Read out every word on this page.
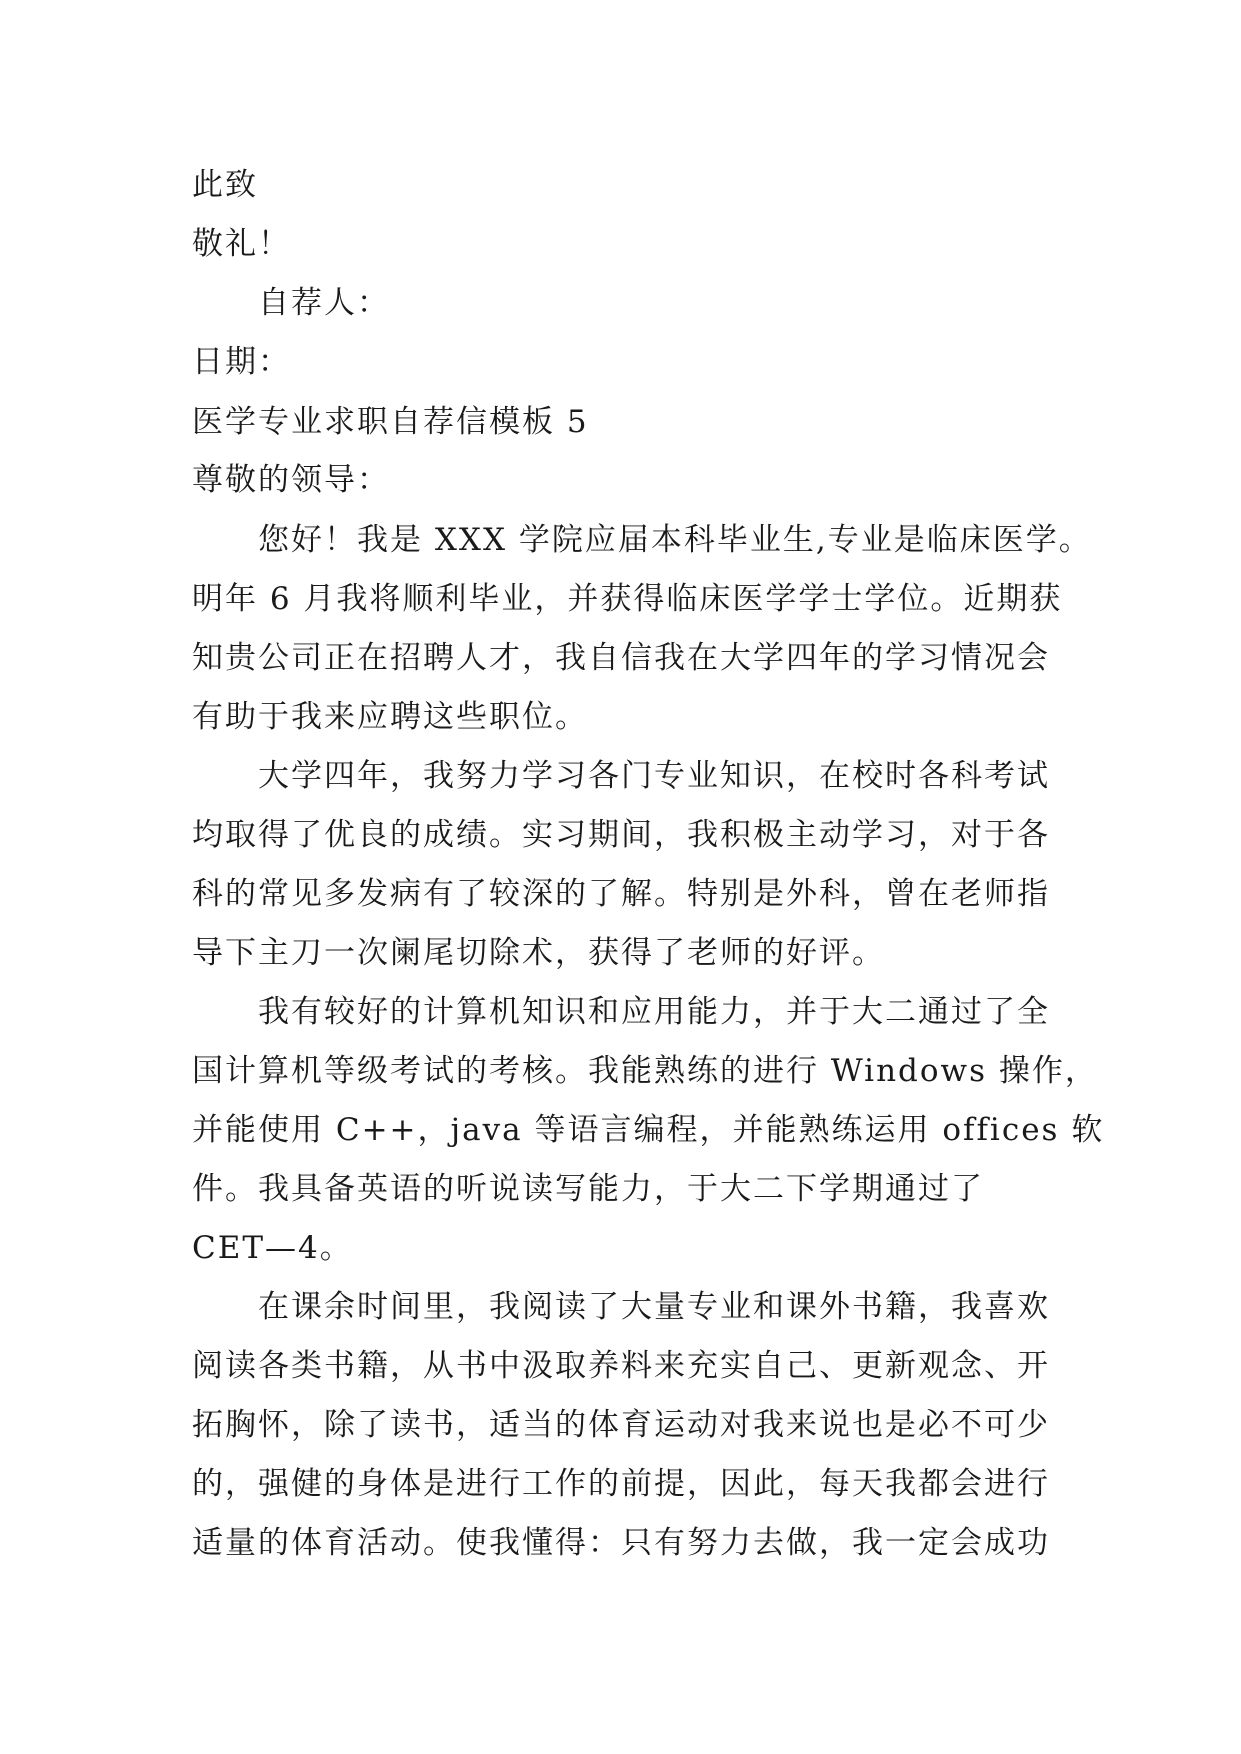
此致

敬礼！

自荐人：

日期：

医学专业求职自荐信模板 5

尊敬的领导：

您好！我是 XXX 学院应届本科毕业生,专业是临床医学。

明年 6 月我将顺利毕业，并获得临床医学学士学位。近期获

知贵公司正在招聘人才，我自信我在大学四年的学习情况会

有助于我来应聘这些职位。

大学四年，我努力学习各门专业知识，在校时各科考试

均取得了优良的成绩。实习期间，我积极主动学习，对于各

科的常见多发病有了较深的了解。特别是外科，曾在老师指

导下主刀一次阑尾切除术，获得了老师的好评。

我有较好的计算机知识和应用能力，并于大二通过了全

国计算机等级考试的考核。我能熟练的进行 Windows 操作，

并能使用 C++，java 等语言编程，并能熟练运用 offices 软

件。我具备英语的听说读写能力，于大二下学期通过了

CET—4。

在课余时间里，我阅读了大量专业和课外书籍，我喜欢

阅读各类书籍，从书中汲取养料来充实自己、更新观念、开

拓胸怀，除了读书，适当的体育运动对我来说也是必不可少

的，强健的身体是进行工作的前提，因此，每天我都会进行

适量的体育活动。使我懂得：只有努力去做，我一定会成功
